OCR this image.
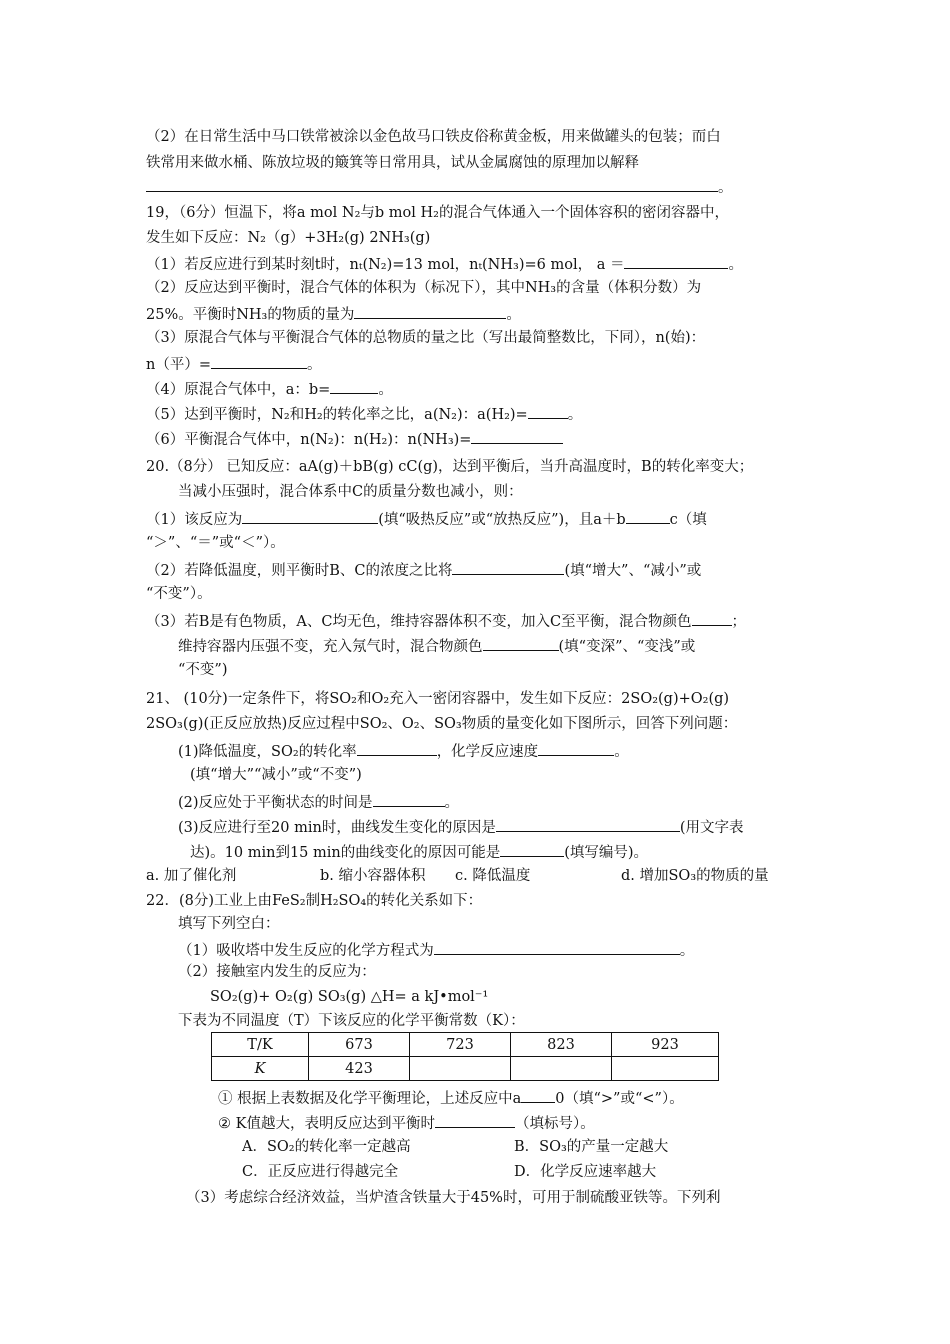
（2）在日常生活中马口铁常被涂以金色故马口铁皮俗称黄金板，用来做罐头的包装；而白
铁常用来做水桶、陈放垃圾的簸箕等日常用具，试从金属腐蚀的原理加以解释
。
19，（6分）恒温下，将a mol N₂与b mol H₂的混合气体通入一个固体容积的密闭容器中，
发生如下反应：N₂（g）+3H₂(g) 2NH₃(g)
（1）若反应进行到某时刻t时，nₜ(N₂)=13 mol，nₜ(NH₃)=6 mol， a ＝	。
（2）反应达到平衡时，混合气体的体积为（标况下），其中NH₃的含量（体积分数）为
25%。平衡时NH₃的物质的量为	。
（3）原混合气体与平衡混合气体的总物质的量之比（写出最简整数比，下同），n(始)：
n（平）=	。
（4）原混合气体中，a：b=	。
（5）达到平衡时，N₂和H₂的转化率之比，a(N₂)：a(H₂)=	。
（6）平衡混合气体中，n(N₂)：n(H₂)：n(NH₃)=
20.（8分） 已知反应：aA(g)＋bB(g) cC(g)，达到平衡后，当升高温度时，B的转化率变大；
当减小压强时，混合体系中C的质量分数也减小，则：
（1）该反应为	(填“吸热反应”或“放热反应”)，且a＋b	c（填
“＞”、“＝”或“＜”）。
（2）若降低温度，则平衡时B、C的浓度之比将	(填“增大”、“减小”或
“不变”）。
（3）若B是有色物质，A、C均无色，维持容器体积不变，加入C至平衡，混合物颜色	；
维持容器内压强不变，充入氖气时，混合物颜色	(填“变深”、“变浅”或
“不变”)
21、 (10分)一定条件下，将SO₂和O₂充入一密闭容器中，发生如下反应：2SO₂(g)+O₂(g)
2SO₃(g)(正反应放热)反应过程中SO₂、O₂、SO₃物质的量变化如下图所示，回答下列问题：
(1)降低温度，SO₂的转化率	，化学反应速度	。
(填“增大”“减小”或“不变”)
(2)反应处于平衡状态的时间是	。
(3)反应进行至20 min时，曲线发生变化的原因是	(用文字表
达)。10 min到15 min的曲线变化的原因可能是	(填写编号)。
a. 加了催化剂	b. 缩小容器体积 c. 降低温度	d. 增加SO₃的物质的量
22．(8分)工业上由FeS₂制H₂SO₄的转化关系如下：
填写下列空白：
（1）吸收塔中发生反应的化学方程式为	。
（2）接触室内发生的反应为：
SO₂(g)+ O₂(g) SO₃(g) △H= a kJ•mol⁻¹
下表为不同温度（T）下该反应的化学平衡常数（K）：
T/K	673	723	823	923
K	423			
① 根据上表数据及化学平衡理论，上述反应中a 0（填“>”或“<”）。
② K值越大，表明反应达到平衡时	（填标号）。
A．SO₂的转化率一定越高	B．SO₃的产量一定越大
C．正反应进行得越完全	D．化学反应速率越大
（3）考虑综合经济效益，当炉渣含铁量大于45%时，可用于制硫酸亚铁等。下列利
